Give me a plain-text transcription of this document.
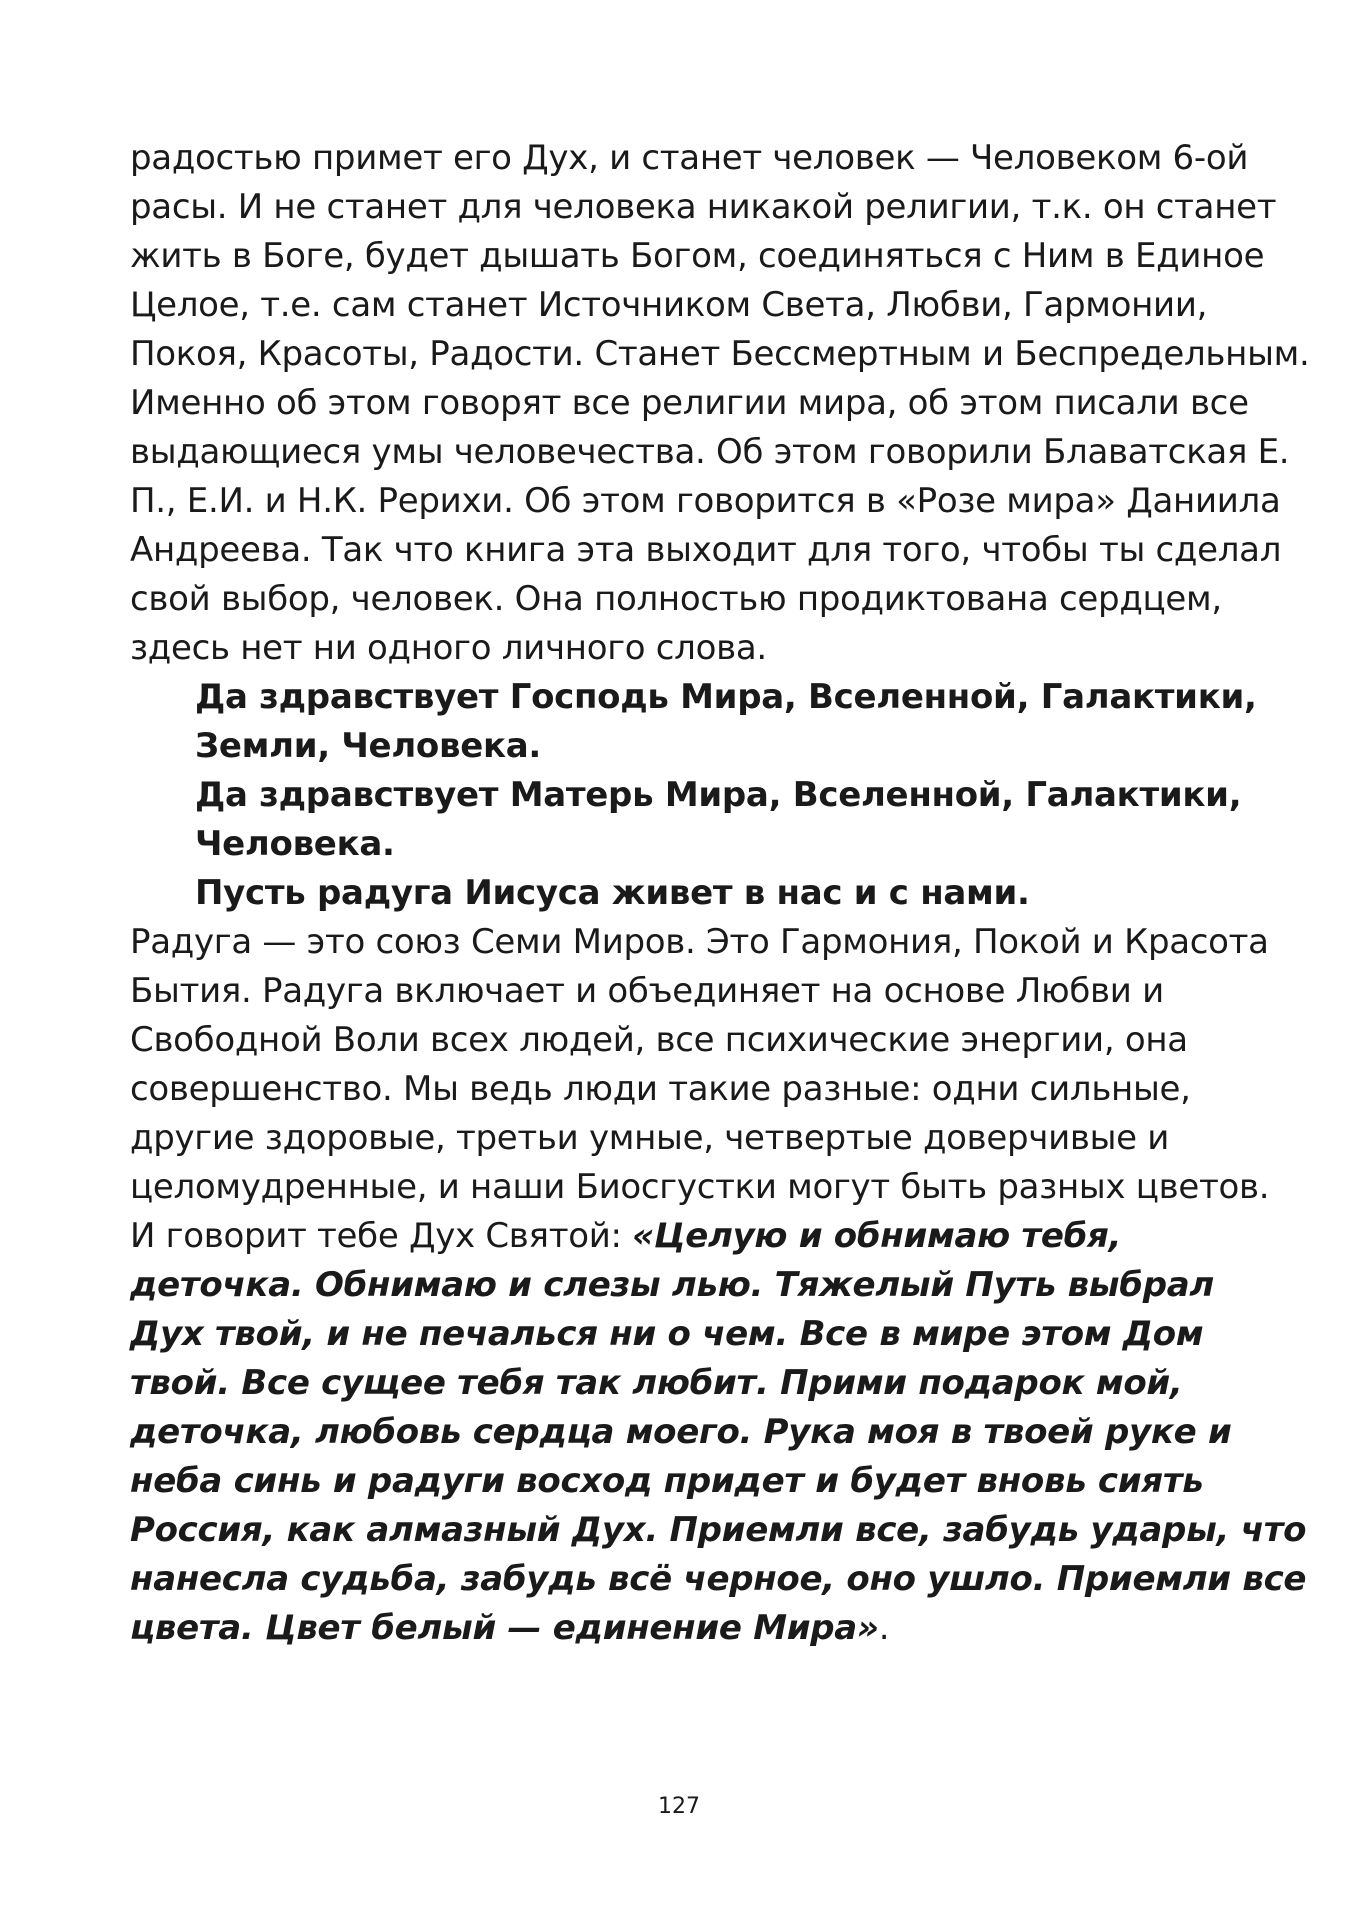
радостью примет его Дух, и станет человек — Человеком 6-ой
расы. И не станет для человека никакой религии, т.к. он станет
жить в Боге, будет дышать Богом, соединяться с Ним в Единое
Целое, т.е. сам станет Источником Света, Любви, Гармонии,
Покоя, Красоты, Радости. Станет Бессмертным и Беспредельным.
Именно об этом говорят все религии мира, об этом писали все
выдающиеся умы человечества. Об этом говорили Блаватская Е.
П., Е.И. и Н.К. Рерихи. Об этом говорится в «Розе мира» Даниила
Андреева. Так что книга эта выходит для того, чтобы ты сделал
свой выбор, человек. Она полностью продиктована сердцем,
здесь нет ни одного личного слова.
Да здравствует Господь Мира, Вселенной, Галактики,
Земли, Человека.
Да здравствует Матерь Мира, Вселенной, Галактики,
Человека.
Пусть радуга Иисуса живет в нас и с нами.
Радуга — это союз Семи Миров. Это Гармония, Покой и Красота
Бытия. Радуга включает и объединяет на основе Любви и
Свободной Воли всех людей, все психические энергии, она
совершенство. Мы ведь люди такие разные: одни сильные,
другие здоровые, третьи умные, четвертые доверчивые и
целомудренные, и наши Биосгустки могут быть разных цветов.
И говорит тебе Дух Святой: «Целую и обнимаю тебя,
деточка. Обнимаю и слезы лью. Тяжелый Путь выбрал
Дух твой, и не печалься ни о чем. Все в мире этом Дом
твой. Все сущее тебя так любит. Прими подарок мой,
деточка, любовь сердца моего. Рука моя в твоей руке и
неба синь и радуги восход придет и будет вновь сиять
Россия, как алмазный Дух. Приемли все, забудь удары, что
нанесла судьба, забудь всё черное, оно ушло. Приемли все
цвета. Цвет белый — единение Мира».
127
